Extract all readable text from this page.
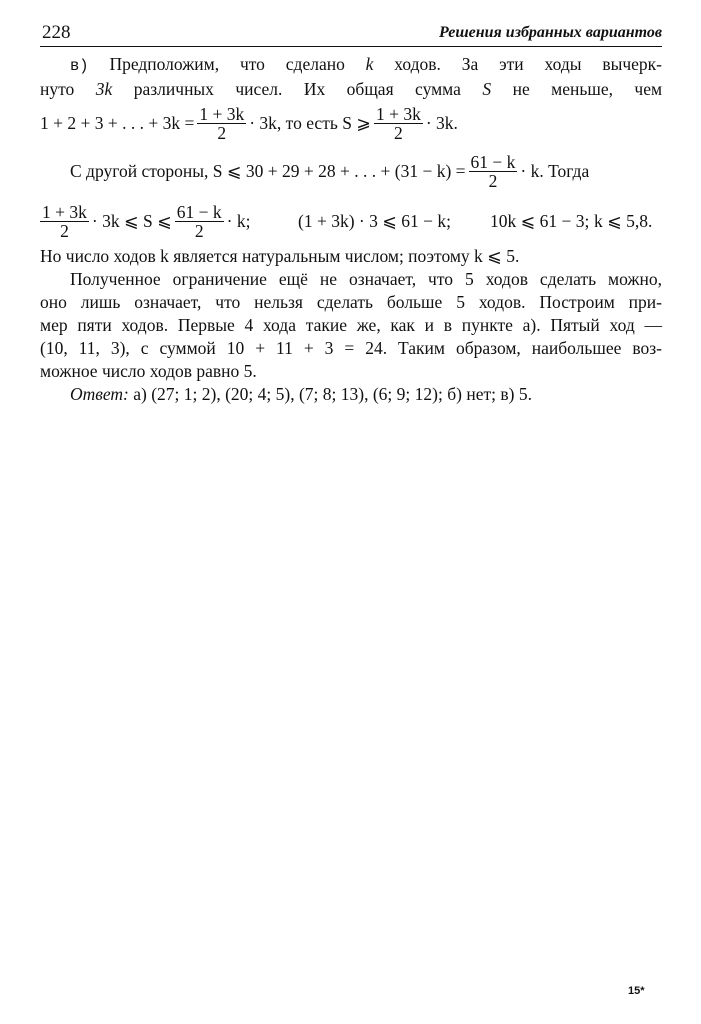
228	Решения избранных вариантов

в) Предположим, что сделано k ходов. За эти ходы вычерк-

нуто 3k различных чисел. Их общая сумма S не меньше, чем

1 + 2 + 3 + . . . + $3k = \frac{1 + 3k}{2} \cdot 3k$, то есть S ⩾ $\frac{1 + 3k}{2} \cdot 3k$.
С другой стороны, S ⩽ 30 + 29 + 28 + . . . + $(31 - k) = \frac{61 - k}{2} \cdot k$. Тогда
$\frac{1 + 3k}{2} \cdot 3k$ ⩽ S ⩽ $\frac{61 - k}{2} \cdot k$;	(1 + 3k) · 3 ⩽ 61 − k; 10k ⩽ 61 − 3; k ⩽ 5,8.

Но число ходов k является натуральным числом; поэтому k ⩽ 5.

Полученное ограничение ещё не означает, что 5 ходов сделать можно,

оно лишь означает, что нельзя сделать больше 5 ходов. Построим при-

мер пяти ходов. Первые 4 хода такие же, как и в пункте а). Пятый ход —

(10, 11, 3), с суммой 10 + 11 + 3 = 24. Таким образом, наибольшее воз-

можное число ходов равно 5.

Ответ: а) (27; 1; 2), (20; 4; 5), (7; 8; 13), (6; 9; 12); б) нет; в) 5.

15*
